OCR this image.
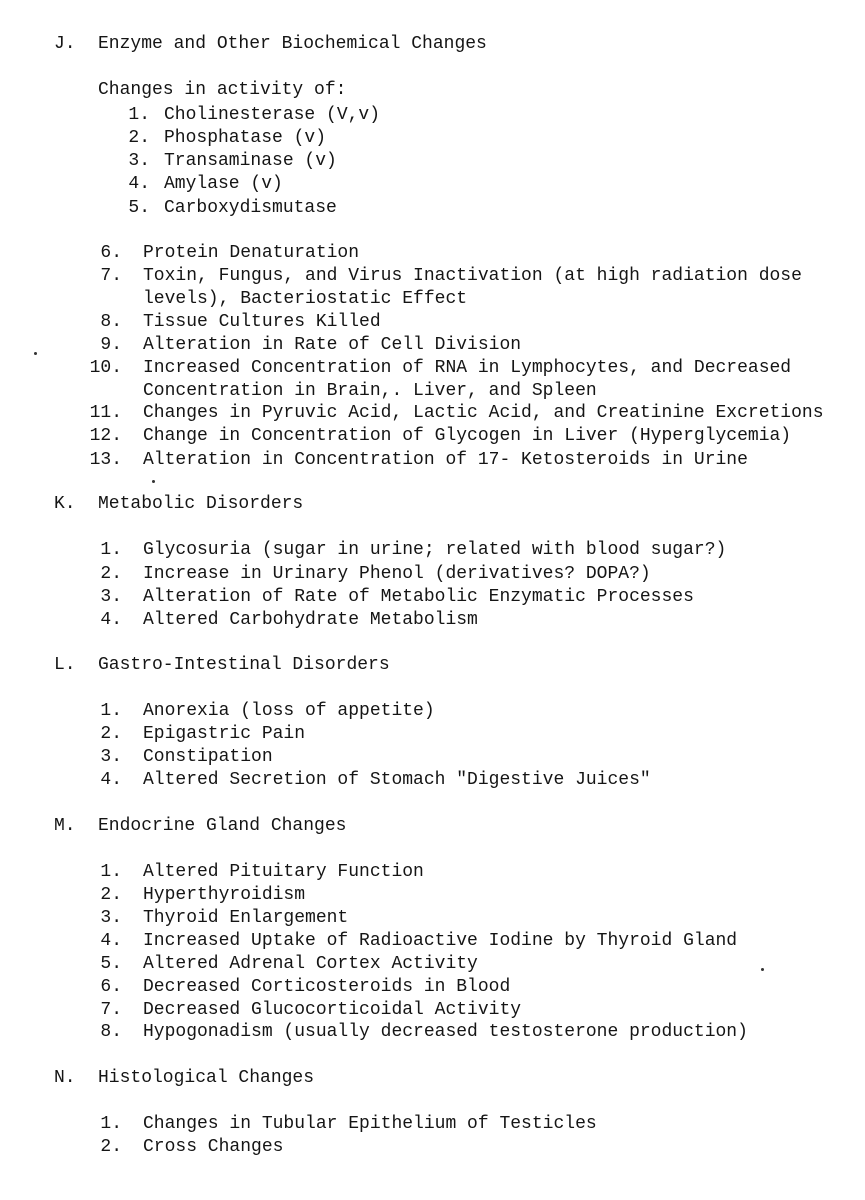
J. Enzyme and Other Biochemical Changes
Changes in activity of:
1. Cholinesterase (V,v)
2. Phosphatase (v)
3. Transaminase (v)
4. Amylase (v)
5. Carboxydismutase
6. Protein Denaturation
7. Toxin, Fungus, and Virus Inactivation (at high radiation dose
levels), Bacteriostatic Effect
8. Tissue Cultures Killed
9. Alteration in Rate of Cell Division
10. Increased Concentration of RNA in Lymphocytes, and Decreased
Concentration in Brain,. Liver, and Spleen
11. Changes in Pyruvic Acid, Lactic Acid, and Creatinine Excretions
12. Change in Concentration of Glycogen in Liver (Hyperglycemia)
13. Alteration in Concentration of 17- Ketosteroids in Urine
K. Metabolic Disorders
1. Glycosuria (sugar in urine; related with blood sugar?)
2. Increase in Urinary Phenol (derivatives? DOPA?)
3. Alteration of Rate of Metabolic Enzymatic Processes
4. Altered Carbohydrate Metabolism
L. Gastro-Intestinal Disorders
1. Anorexia (loss of appetite)
2. Epigastric Pain
3. Constipation
4. Altered Secretion of Stomach "Digestive Juices"
M. Endocrine Gland Changes
1. Altered Pituitary Function
2. Hyperthyroidism
3. Thyroid Enlargement
4. Increased Uptake of Radioactive Iodine by Thyroid Gland
5. Altered Adrenal Cortex Activity
6. Decreased Corticosteroids in Blood
7. Decreased Glucocorticoidal Activity
8. Hypogonadism (usually decreased testosterone production)
N. Histological Changes
1. Changes in Tubular Epithelium of Testicles
2. Cross Changes
